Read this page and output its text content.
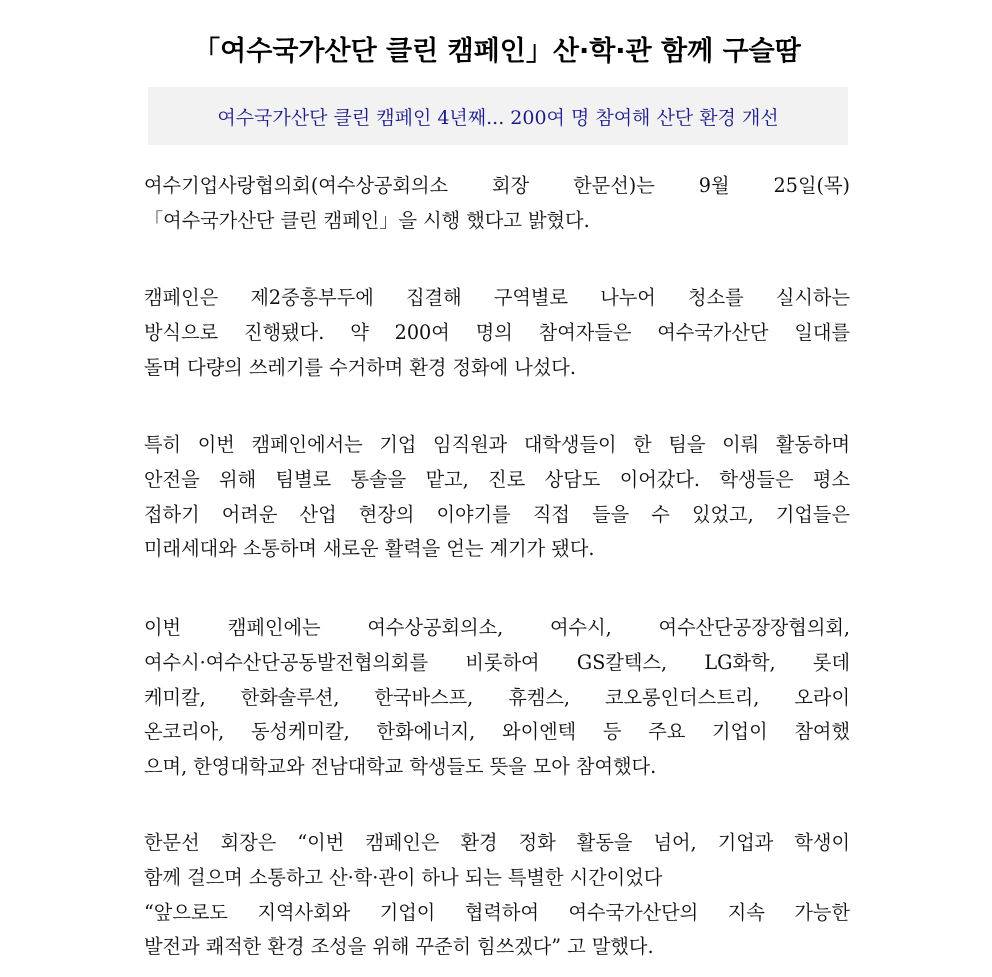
「여수국가산단 클린 캠페인」산·학·관 함께 구슬땀
여수국가산단 클린 캠페인 4년째... 200여 명 참여해 산단 환경 개선
여수기업사랑협의회(여수상공회의소 회장 한문선)는 9월 25일(목)
「여수국가산단 클린 캠페인」을 시행 했다고 밝혔다.
캠페인은 제2중흥부두에 집결해 구역별로 나누어 청소를 실시하는
방식으로 진행됐다. 약 200여 명의 참여자들은 여수국가산단 일대를
돌며 다량의 쓰레기를 수거하며 환경 정화에 나섰다.
특히 이번 캠페인에서는 기업 임직원과 대학생들이 한 팀을 이뤄 활동하며
안전을 위해 팀별로 통솔을 맡고, 진로 상담도 이어갔다. 학생들은 평소
접하기 어려운 산업 현장의 이야기를 직접 들을 수 있었고, 기업들은
미래세대와 소통하며 새로운 활력을 얻는 계기가 됐다.
이번 캠페인에는 여수상공회의소, 여수시, 여수산단공장장협의회,
여수시·여수산단공동발전협의회를 비롯하여 GS칼텍스, LG화학, 롯데
케미칼, 한화솔루션, 한국바스프, 휴켐스, 코오롱인더스트리, 오라이
온코리아, 동성케미칼, 한화에너지, 와이엔텍 등 주요 기업이 참여했
으며, 한영대학교와 전남대학교 학생들도 뜻을 모아 참여했다.
한문선 회장은 “이번 캠페인은 환경 정화 활동을 넘어, 기업과 학생이
함께 걸으며 소통하고 산·학·관이 하나 되는 특별한 시간이었다
“앞으로도 지역사회와 기업이 협력하여 여수국가산단의 지속 가능한
발전과 쾌적한 환경 조성을 위해 꾸준히 힘쓰겠다” 고 말했다.
